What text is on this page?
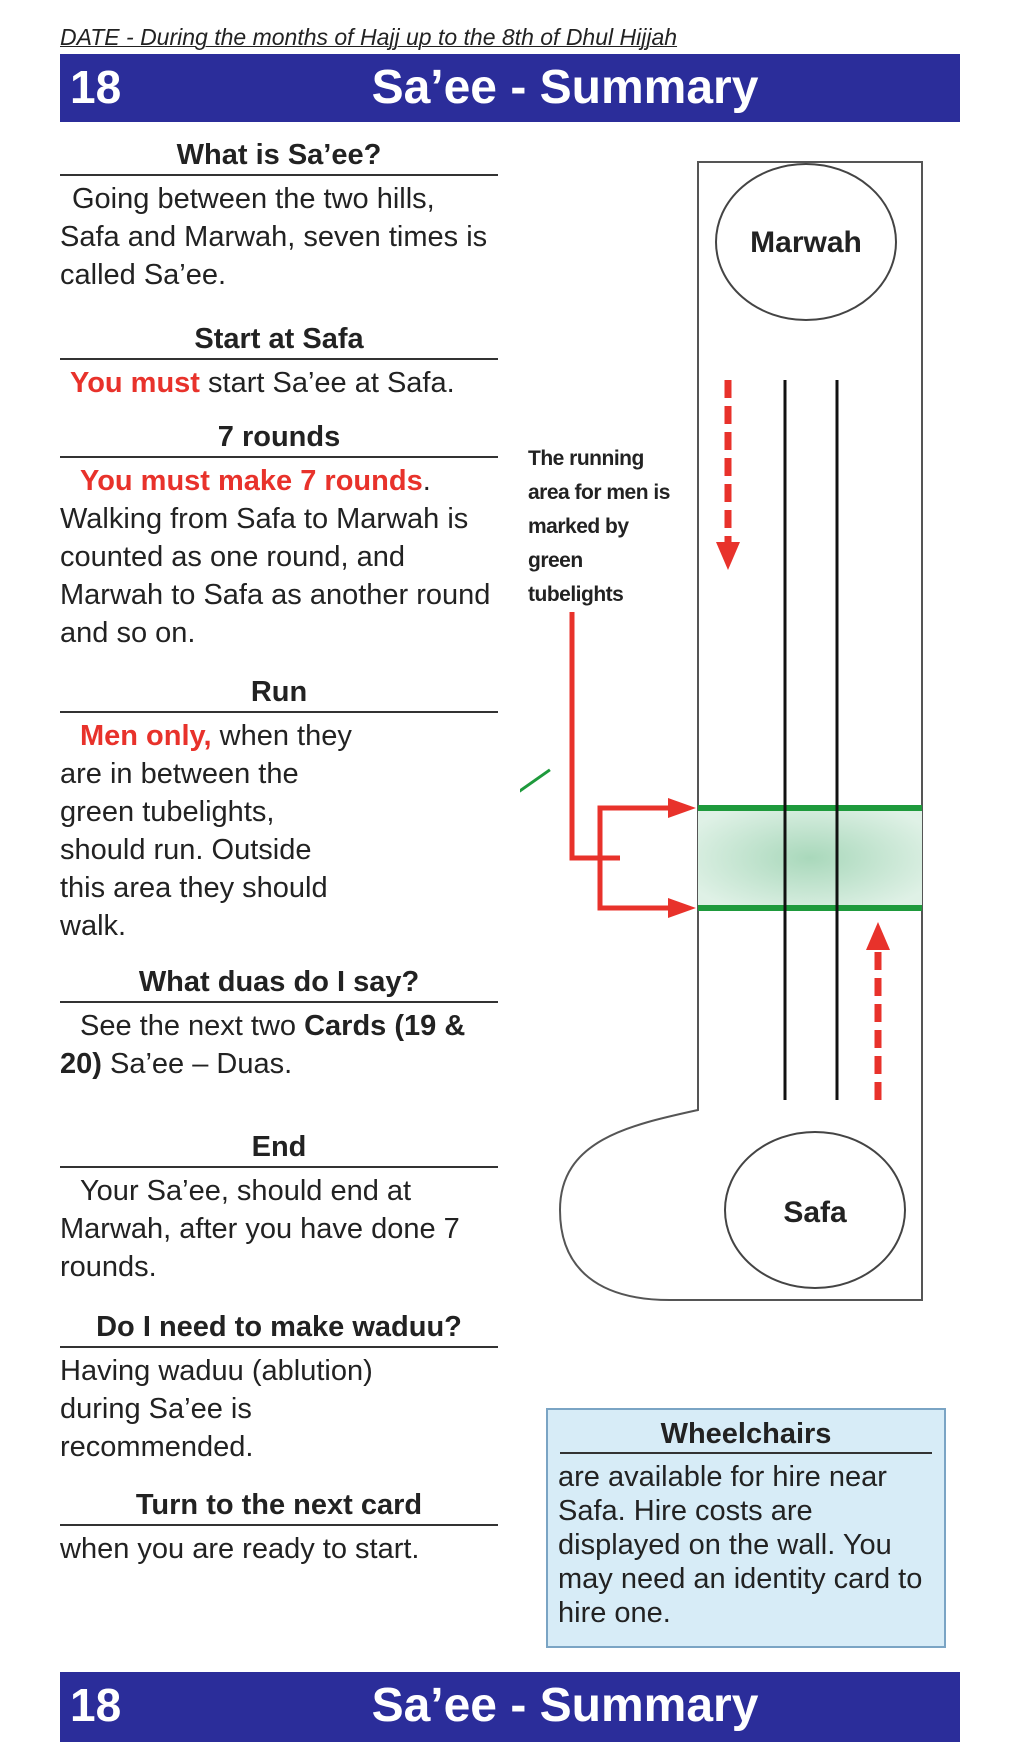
DATE - During the months of Hajj up to the 8th of Dhul Hijjah
18	Sa’ee - Summary
What is Sa’ee?
Going between the two hills, Safa and Marwah, seven times is called Sa’ee.
Start at Safa
You must start Sa’ee at Safa.
7 rounds
You must make 7 rounds. Walking from Safa to Marwah is counted as one round, and Marwah to Safa as another round and so on.
Run
Men only, when they are in between the green tubelights, should run. Outside this area they should walk.
What duas do I say?
See the next two Cards (19 & 20) Sa’ee – Duas.
End
Your Sa’ee, should end at Marwah, after you have done 7 rounds.
Do I need to make waduu?
Having waduu (ablution) during Sa’ee is recommended.
Turn to the next card
when you are ready to start.
Marwah
Safa
The running area for men is marked by green tubelights
Wheelchairs
are available for hire near Safa. Hire costs are displayed on the wall. You may need an identity card to hire one.
18	Sa’ee - Summary
